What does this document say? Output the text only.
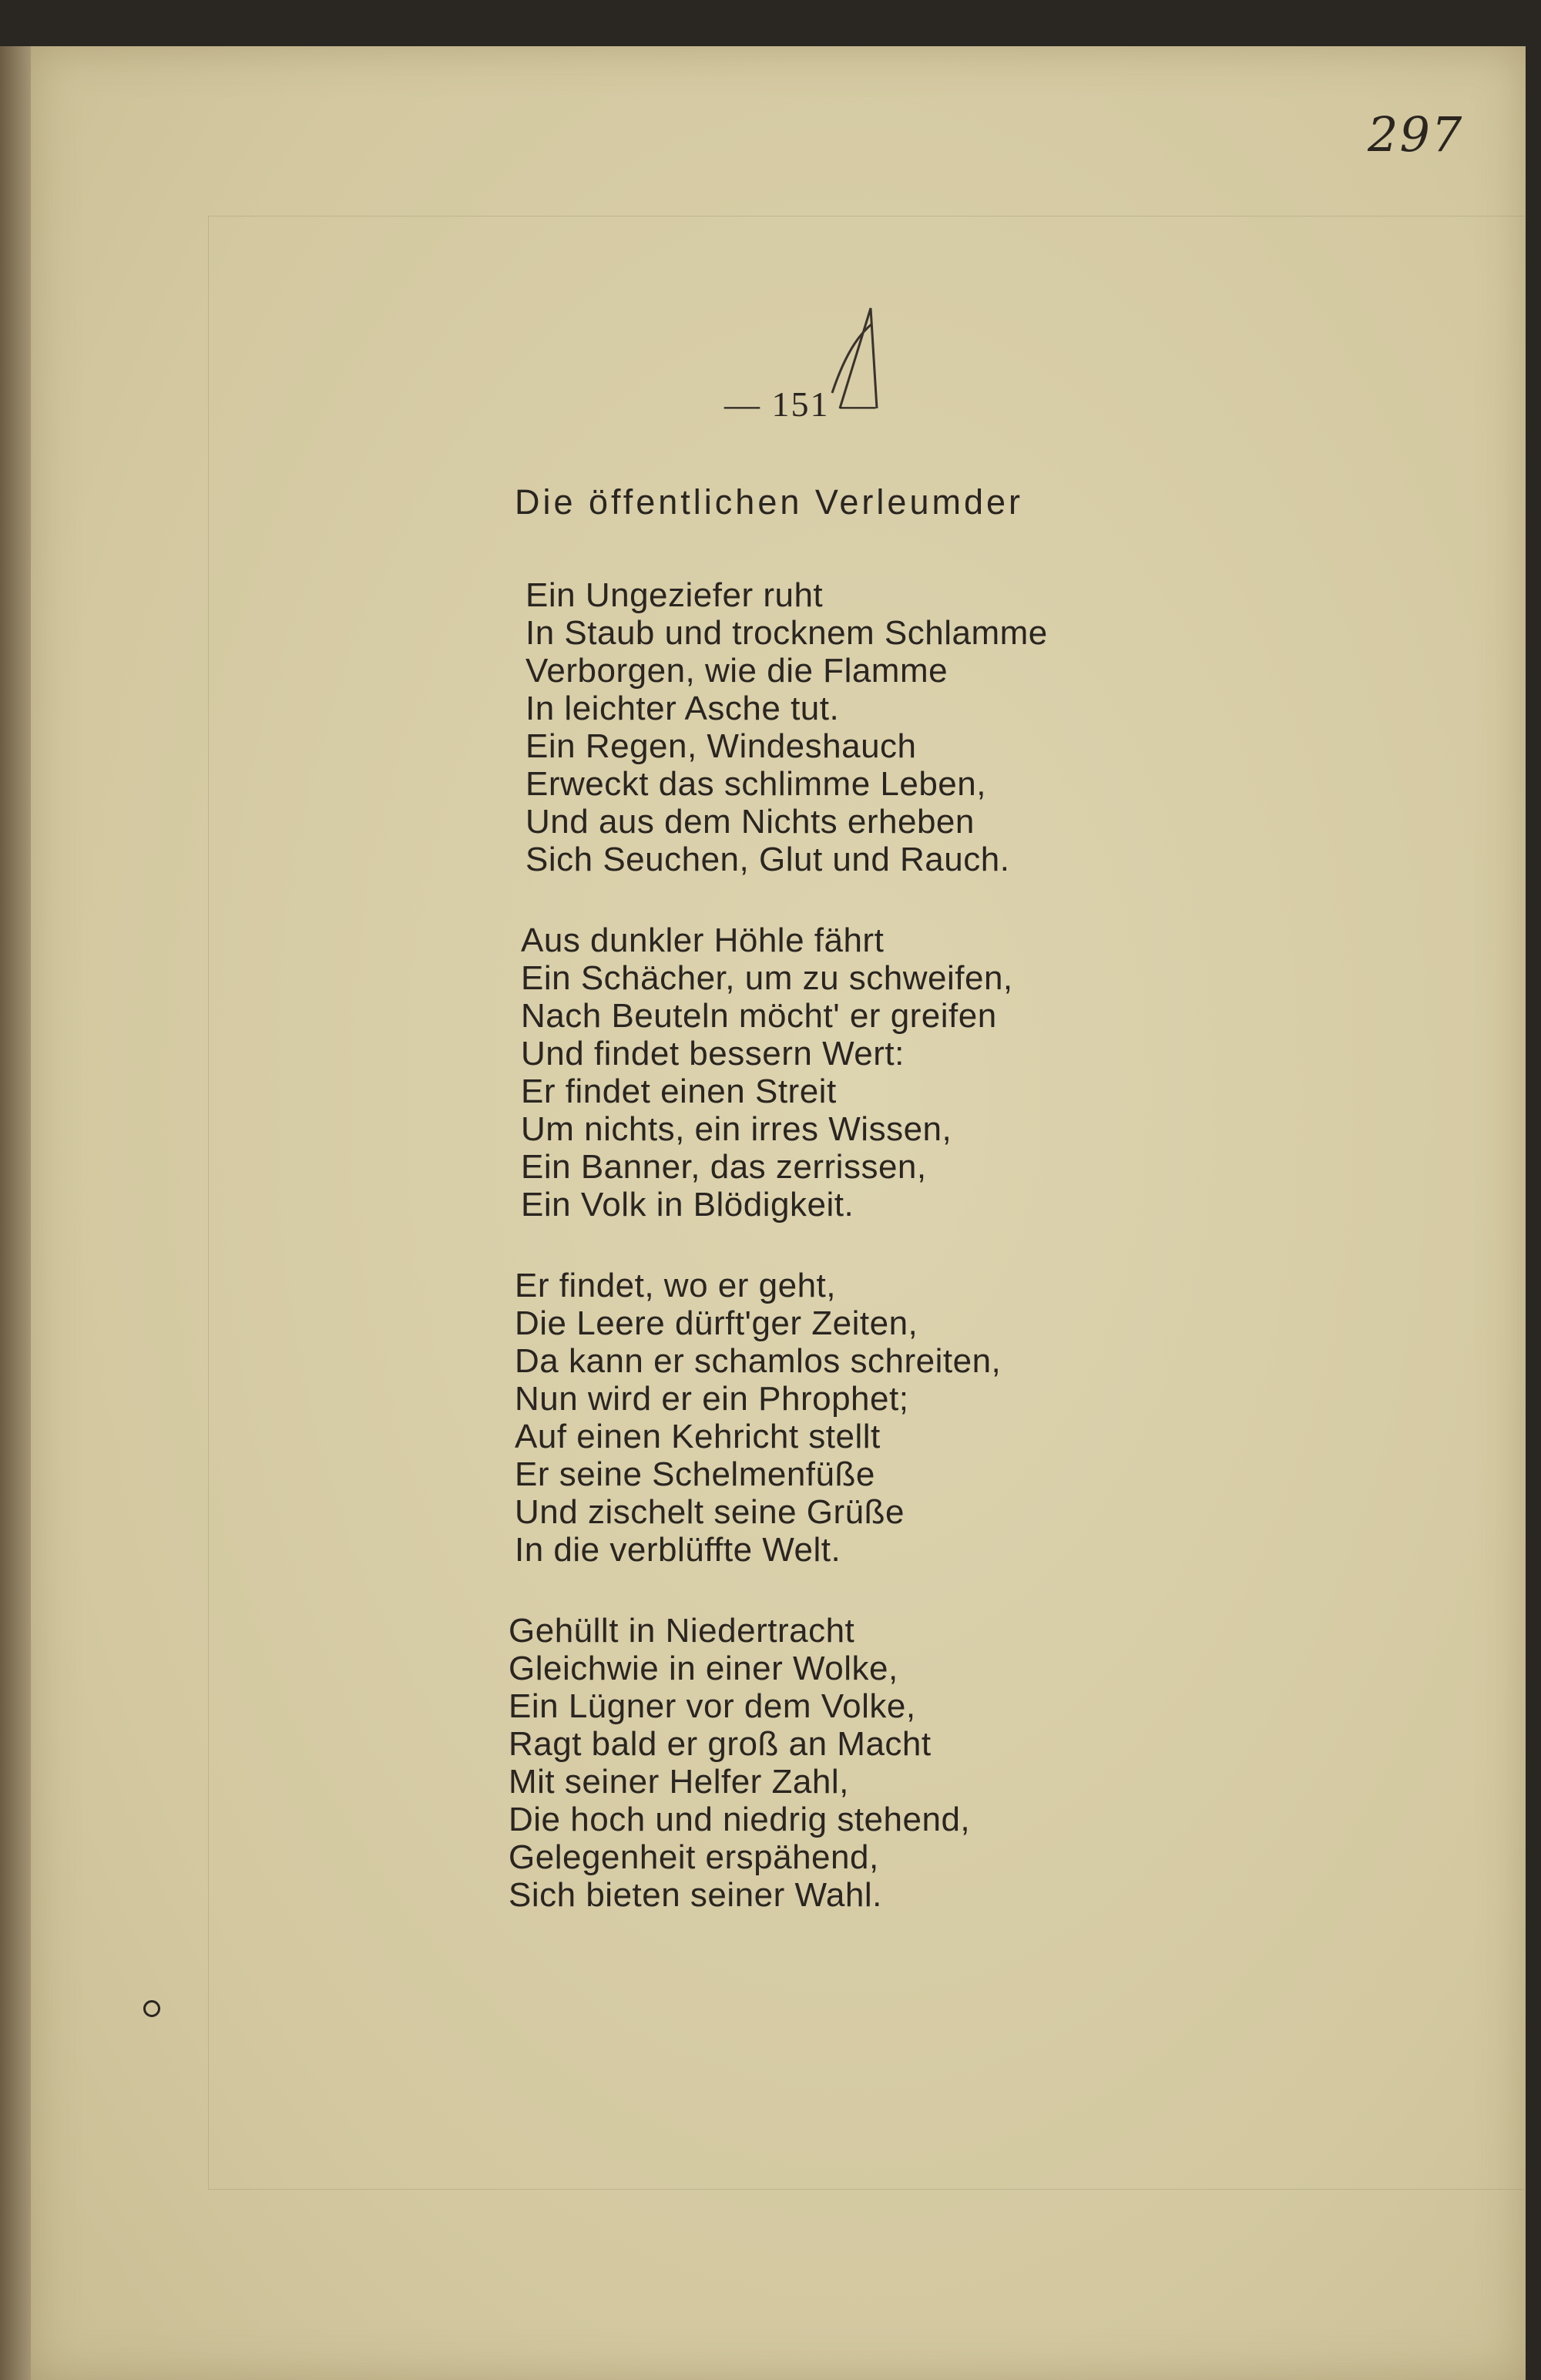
297
— 151 —
Die öffentlichen Verleumder
Ein Ungeziefer ruht
In Staub und trocknem Schlamme
Verborgen, wie die Flamme
In leichter Asche tut.
Ein Regen, Windeshauch
Erweckt das schlimme Leben,
Und aus dem Nichts erheben
Sich Seuchen, Glut und Rauch.
Aus dunkler Höhle fährt
Ein Schächer, um zu schweifen,
Nach Beuteln möcht' er greifen
Und findet bessern Wert:
Er findet einen Streit
Um nichts, ein irres Wissen,
Ein Banner, das zerrissen,
Ein Volk in Blödigkeit.
Er findet, wo er geht,
Die Leere dürft'ger Zeiten,
Da kann er schamlos schreiten,
Nun wird er ein Phrophet;
Auf einen Kehricht stellt
Er seine Schelmenfüße
Und zischelt seine Grüße
In die verblüffte Welt.
Gehüllt in Niedertracht
Gleichwie in einer Wolke,
Ein Lügner vor dem Volke,
Ragt bald er groß an Macht
Mit seiner Helfer Zahl,
Die hoch und niedrig stehend,
Gelegenheit erspähend,
Sich bieten seiner Wahl.
